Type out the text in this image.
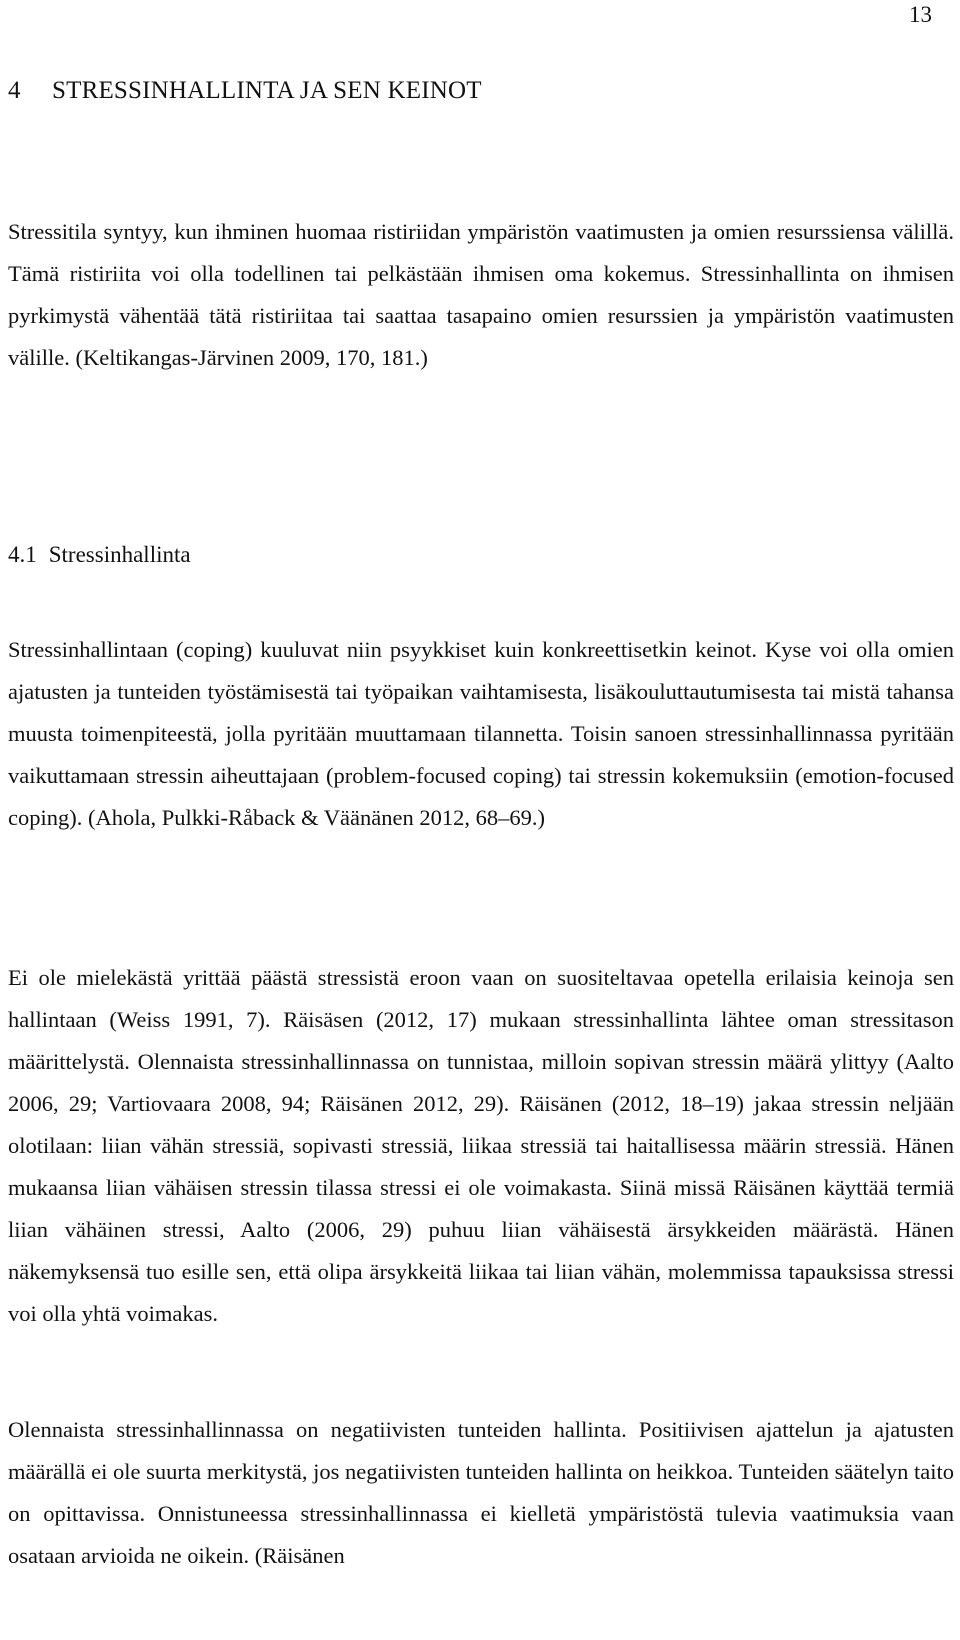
13
4 STRESSINHALLINTA JA SEN KEINOT

Stressitila syntyy, kun ihminen huomaa ristiriidan ympäristön vaatimusten ja omien resurssiensa välillä. Tämä ristiriita voi olla todellinen tai pelkästään ihmisen oma kokemus. Stressinhallinta on ihmisen pyrkimystä vähentää tätä ristiriitaa tai saattaa tasapaino omien resurssien ja ympäristön vaatimusten välille. (Keltikangas-Järvinen 2009, 170, 181.)

4.1 Stressinhallinta

Stressinhallintaan (coping) kuuluvat niin psyykkiset kuin konkreettisetkin keinot. Kyse voi olla omien ajatusten ja tunteiden työstämisestä tai työpaikan vaihtamisesta, lisäkouluttautumisesta tai mistä tahansa muusta toimenpiteestä, jolla pyritään muuttamaan tilannetta. Toisin sanoen stressinhallinnassa pyritään vaikuttamaan stressin aiheuttajaan (problem-focused coping) tai stressin kokemuksiin (emotion-focused coping). (Ahola, Pulkki-Råback & Väänänen 2012, 68–69.)

Ei ole mielekästä yrittää päästä stressistä eroon vaan on suositeltavaa opetella erilaisia keinoja sen hallintaan (Weiss 1991, 7). Räisäsen (2012, 17) mukaan stressinhallinta lähtee oman stressitason määrittelystä. Olennaista stressinhallinnassa on tunnistaa, milloin sopivan stressin määrä ylittyy (Aalto 2006, 29; Vartiovaara 2008, 94; Räisänen 2012, 29). Räisänen (2012, 18–19) jakaa stressin neljään olotilaan: liian vähän stressiä, sopivasti stressiä, liikaa stressiä tai haitallisessa määrin stressiä. Hänen mukaansa liian vähäisen stressin tilassa stressi ei ole voimakasta. Siinä missä Räisänen käyttää termiä liian vähäinen stressi, Aalto (2006, 29) puhuu liian vähäisestä ärsykkeiden määrästä. Hänen näkemyksensä tuo esille sen, että olipa ärsykkeitä liikaa tai liian vähän, molemmissa tapauksissa stressi voi olla yhtä voimakas.

Olennaista stressinhallinnassa on negatiivisten tunteiden hallinta. Positiivisen ajattelun ja ajatusten määrällä ei ole suurta merkitystä, jos negatiivisten tunteiden hallinta on heikkoa. Tunteiden säätelyn taito on opittavissa. Onnistuneessa stressinhallinnassa ei kielletä ympäristöstä tulevia vaatimuksia vaan osataan arvioida ne oikein. (Räisänen
